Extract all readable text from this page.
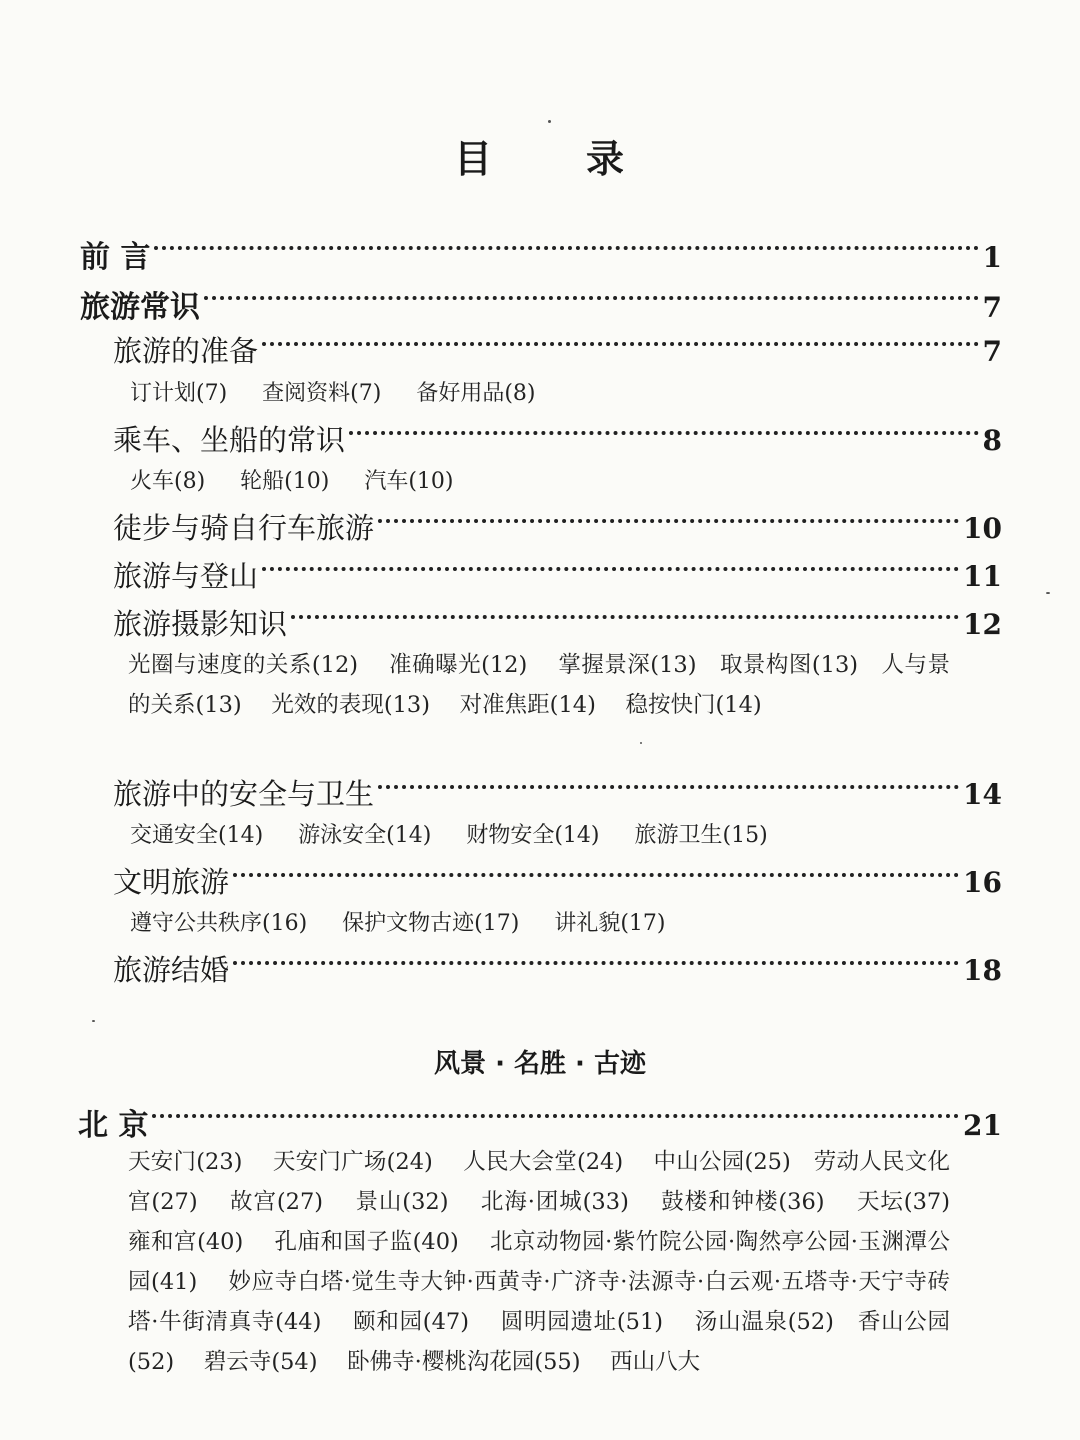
目 录
前 言	1
旅游常识	7
旅游的准备	7
订计划(7) 查阅资料(7) 备好用品(8)
乘车、坐船的常识	8
火车(8) 轮船(10) 汽车(10)
徒步与骑自行车旅游	10
旅游与登山	11
旅游摄影知识	12
光圈与速度的关系(12)　 准确曝光(12)　 掌握景深(13)　取景构图(13)　人与景的关系(13)　 光效的表现(13)　 对准焦距(14)　 稳按快门(14)
旅游中的安全与卫生	14
交通安全(14) 游泳安全(14) 财物安全(14) 旅游卫生(15)
文明旅游	16
遵守公共秩序(16) 保护文物古迹(17) 讲礼貌(17)
旅游结婚	18
风景 · 名胜 · 古迹
北 京	21
天安门(23)　 天安门广场(24)　 人民大会堂(24)　 中山公园(25)　劳动人民文化宫(27)　 故宫(27)　 景山(32)　 北海·团城(33)　 鼓楼和钟楼(36)　 天坛(37)　 雍和宫(40)　 孔庙和国子监(40)　 北京动物园·紫竹院公园·陶然亭公园·玉渊潭公园(41)　 妙应寺白塔·觉生寺大钟·西黄寺·广济寺·法源寺·白云观·五塔寺·天宁寺砖塔·牛街清真寺(44)　 颐和园(47)　 圆明园遗址(51)　 汤山温泉(52)　香山公园(52)　 碧云寺(54)　 卧佛寺·樱桃沟花园(55)　 西山八大
